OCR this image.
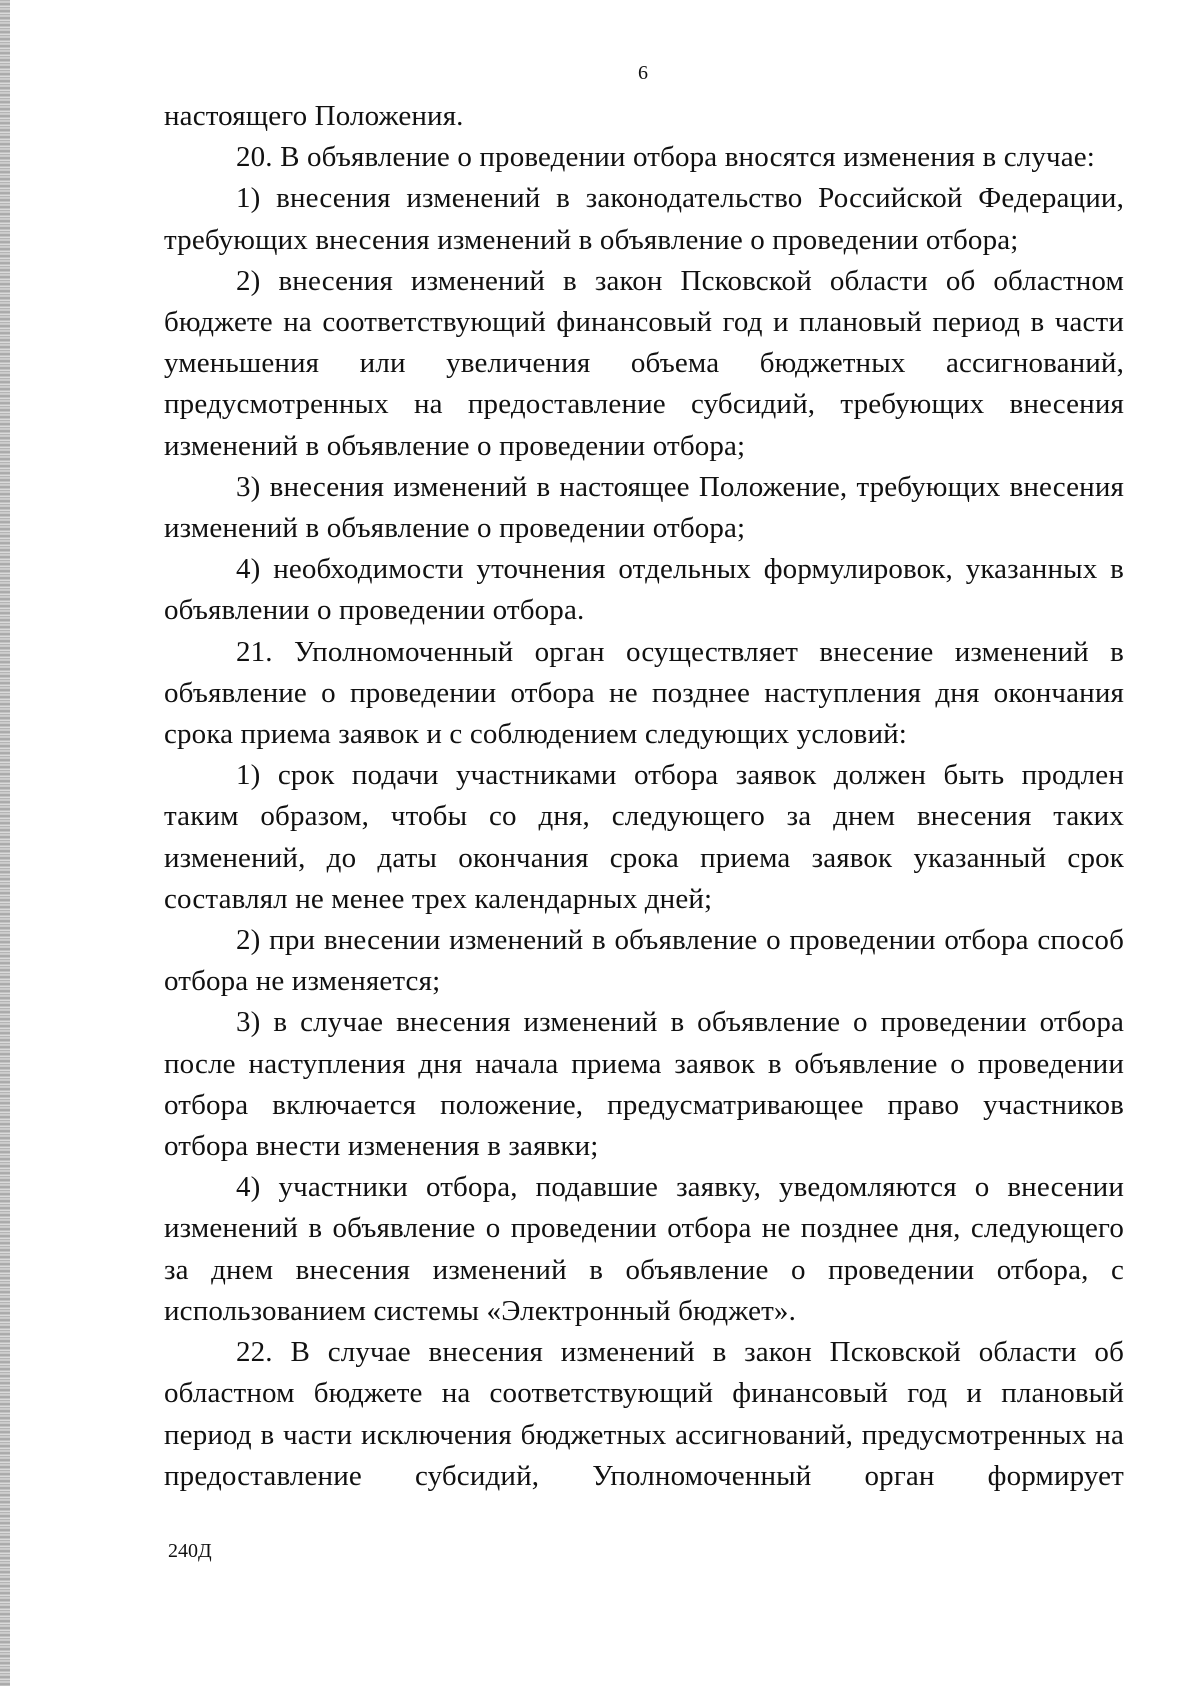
6

настоящего Положения.

20. В объявление о проведении отбора вносятся изменения в случае:

1) внесения изменений в законодательство Российской Федерации, требующих внесения изменений в объявление о проведении отбора;

2) внесения изменений в закон Псковской области об областном бюджете на соответствующий финансовый год и плановый период в части уменьшения или увеличения объема бюджетных ассигнований, предусмотренных на предоставление субсидий, требующих внесения изменений в объявление о проведении отбора;

3) внесения изменений в настоящее Положение, требующих внесения изменений в объявление о проведении отбора;

4) необходимости уточнения отдельных формулировок, указанных в объявлении о проведении отбора.

21. Уполномоченный орган осуществляет внесение изменений в объявление о проведении отбора не позднее наступления дня окончания срока приема заявок и с соблюдением следующих условий:

1) срок подачи участниками отбора заявок должен быть продлен таким образом, чтобы со дня, следующего за днем внесения таких изменений, до даты окончания срока приема заявок указанный срок составлял не менее трех календарных дней;

2) при внесении изменений в объявление о проведении отбора способ отбора не изменяется;

3) в случае внесения изменений в объявление о проведении отбора после наступления дня начала приема заявок в объявление о проведении отбора включается положение, предусматривающее право участников отбора внести изменения в заявки;

4) участники отбора, подавшие заявку, уведомляются о внесении изменений в объявление о проведении отбора не позднее дня, следующего за днем внесения изменений в объявление о проведении отбора, с использованием системы «Электронный бюджет».

22. В случае внесения изменений в закон Псковской области об областном бюджете на соответствующий финансовый год и плановый период в части исключения бюджетных ассигнований, предусмотренных на предоставление субсидий, Уполномоченный орган формирует

240Д
